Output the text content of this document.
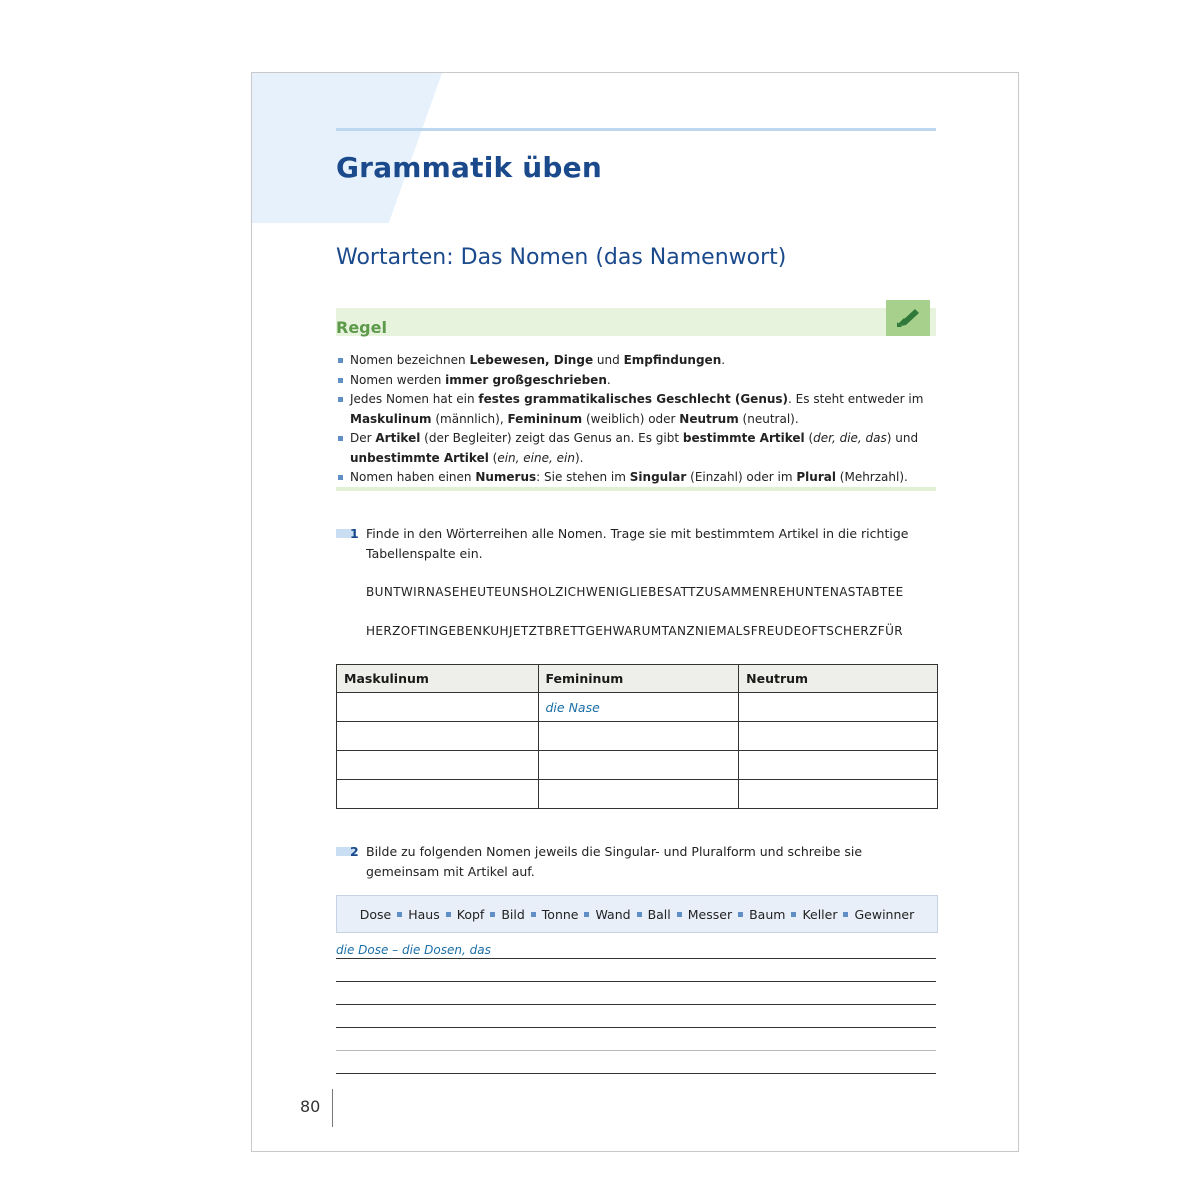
Grammatik üben
Wortarten: Das Nomen (das Namenwort)
Regel
Nomen bezeichnen Lebewesen, Dinge und Empfindungen.
Nomen werden immer großgeschrieben.
Jedes Nomen hat ein festes grammatikalisches Geschlecht (Genus). Es steht entweder im Maskulinum (männlich), Femininum (weiblich) oder Neutrum (neutral).
Der Artikel (der Begleiter) zeigt das Genus an. Es gibt bestimmte Artikel (der, die, das) und unbestimmte Artikel (ein, eine, ein).
Nomen haben einen Numerus: Sie stehen im Singular (Einzahl) oder im Plural (Mehrzahl).
1 Finde in den Wörterreihen alle Nomen. Trage sie mit bestimmtem Artikel in die richtige Tabellenspalte ein.
BUNTWIRNASEHEUTEUNSHOLZICHWENIGLIEBESATTZUSAMMENREHUNTENASTABTEE
HERZOFTINGEBENKUHJETZTBRETTGEHWARUMTANZNIEMALSFREUDEOFTSCHERZFÜR
Maskulinum	Femininum	Neutrum
	die Nase	

2 Bilde zu folgenden Nomen jeweils die Singular- und Pluralform und schreibe sie gemeinsam mit Artikel auf.
Dose Haus Kopf Bild Tonne Wand Ball Messer Baum Keller Gewinner
die Dose – die Dosen, das
80
